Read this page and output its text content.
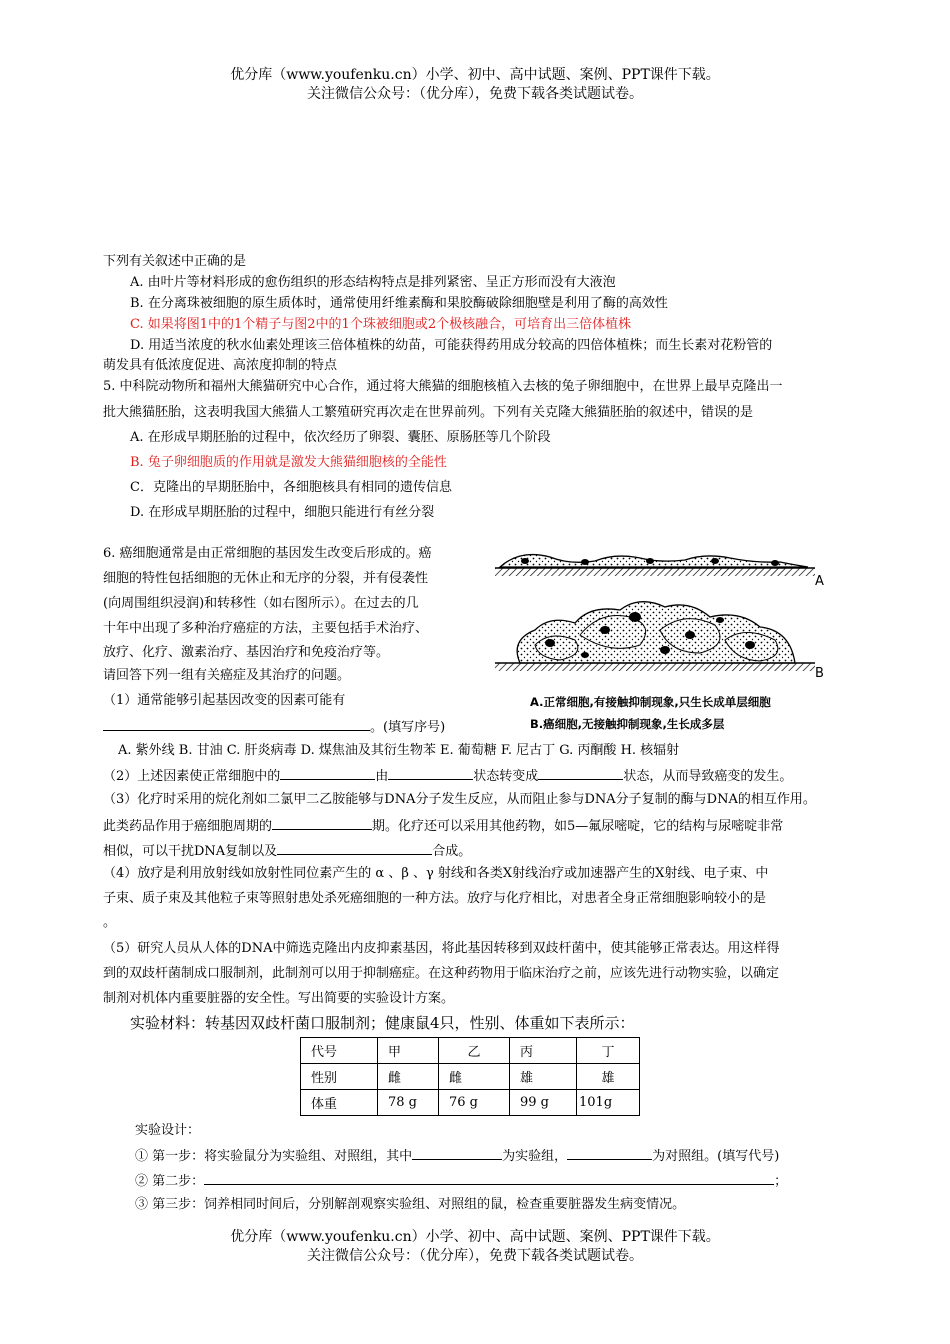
优分库（www.youfenku.cn）小学、初中、高中试题、案例、PPT课件下载。
关注微信公众号：（优分库），免费下载各类试题试卷。
下列有关叙述中正确的是
A. 由叶片等材料形成的愈伤组织的形态结构特点是排列紧密、呈正方形而没有大液泡
B. 在分离珠被细胞的原生质体时，通常使用纤维素酶和果胶酶破除细胞壁是利用了酶的高效性
C. 如果将图1中的1个精子与图2中的1个珠被细胞或2个极核融合，可培育出三倍体植株
D. 用适当浓度的秋水仙素处理该三倍体植株的幼苗，可能获得药用成分较高的四倍体植株；而生长素对花粉管的
萌发具有低浓度促进、高浓度抑制的特点
5. 中科院动物所和福州大熊猫研究中心合作，通过将大熊猫的细胞核植入去核的兔子卵细胞中，在世界上最早克隆出一
批大熊猫胚胎，这表明我国大熊猫人工繁殖研究再次走在世界前列。下列有关克隆大熊猫胚胎的叙述中，错误的是
A. 在形成早期胚胎的过程中，依次经历了卵裂、囊胚、原肠胚等几个阶段
B. 兔子卵细胞质的作用就是激发大熊猫细胞核的全能性
C．克隆出的早期胚胎中，各细胞核具有相同的遗传信息
D. 在形成早期胚胎的过程中，细胞只能进行有丝分裂
6. 癌细胞通常是由正常细胞的基因发生改变后形成的。癌
细胞的特性包括细胞的无休止和无序的分裂，并有侵袭性
(向周围组织浸润)和转移性（如右图所示）。在过去的几
十年中出现了多种治疗癌症的方法，主要包括手术治疗、
放疗、化疗、激素治疗、基因治疗和免疫治疗等。
请回答下列一组有关癌症及其治疗的问题。
（1）通常能够引起基因改变的因素可能有
。(填写序号)
A
B
A.正常细胞,有接触抑制现象,只生长成单层细胞
B.癌细胞,无接触抑制现象,生长成多层
A. 紫外线 B. 甘油 C. 肝炎病毒 D. 煤焦油及其衍生物苯 E. 葡萄糖 F. 尼古丁 G. 丙酮酸 H. 核辐射
（2）上述因素使正常细胞中的	由	状态转变成	状态，从而导致癌变的发生。
（3）化疗时采用的烷化剂如二氯甲二乙胺能够与DNA分子发生反应，从而阻止参与DNA分子复制的酶与DNA的相互作用。
此类药品作用于癌细胞周期的	期。化疗还可以采用其他药物，如5—氟尿嘧啶，它的结构与尿嘧啶非常
相似，可以干扰DNA复制以及	合成。
（4）放疗是利用放射线如放射性同位素产生的 α 、β 、γ 射线和各类X射线治疗或加速器产生的X射线、电子束、中
子束、质子束及其他粒子束等照射患处杀死癌细胞的一种方法。放疗与化疗相比，对患者全身正常细胞影响较小的是
。
（5）研究人员从人体的DNA中筛选克隆出内皮抑素基因，将此基因转移到双歧杆菌中，使其能够正常表达。用这样得
到的双歧杆菌制成口服制剂，此制剂可以用于抑制癌症。在这种药物用于临床治疗之前，应该先进行动物实验，以确定
制剂对机体内重要脏器的安全性。写出简要的实验设计方案。
实验材料：转基因双歧杆菌口服制剂；健康鼠4只，性别、体重如下表所示：
代号	甲	乙	丙	丁
性别	雌	雌	雄	雄
体重	78 g	76 g	99 g	101g
实验设计：
① 第一步：将实验鼠分为实验组、对照组，其中	为实验组，	为对照组。(填写代号)
② 第二步：	；
③ 第三步：饲养相同时间后，分别解剖观察实验组、对照组的鼠，检查重要脏器发生病变情况。
优分库（www.youfenku.cn）小学、初中、高中试题、案例、PPT课件下载。
关注微信公众号：（优分库），免费下载各类试题试卷。
